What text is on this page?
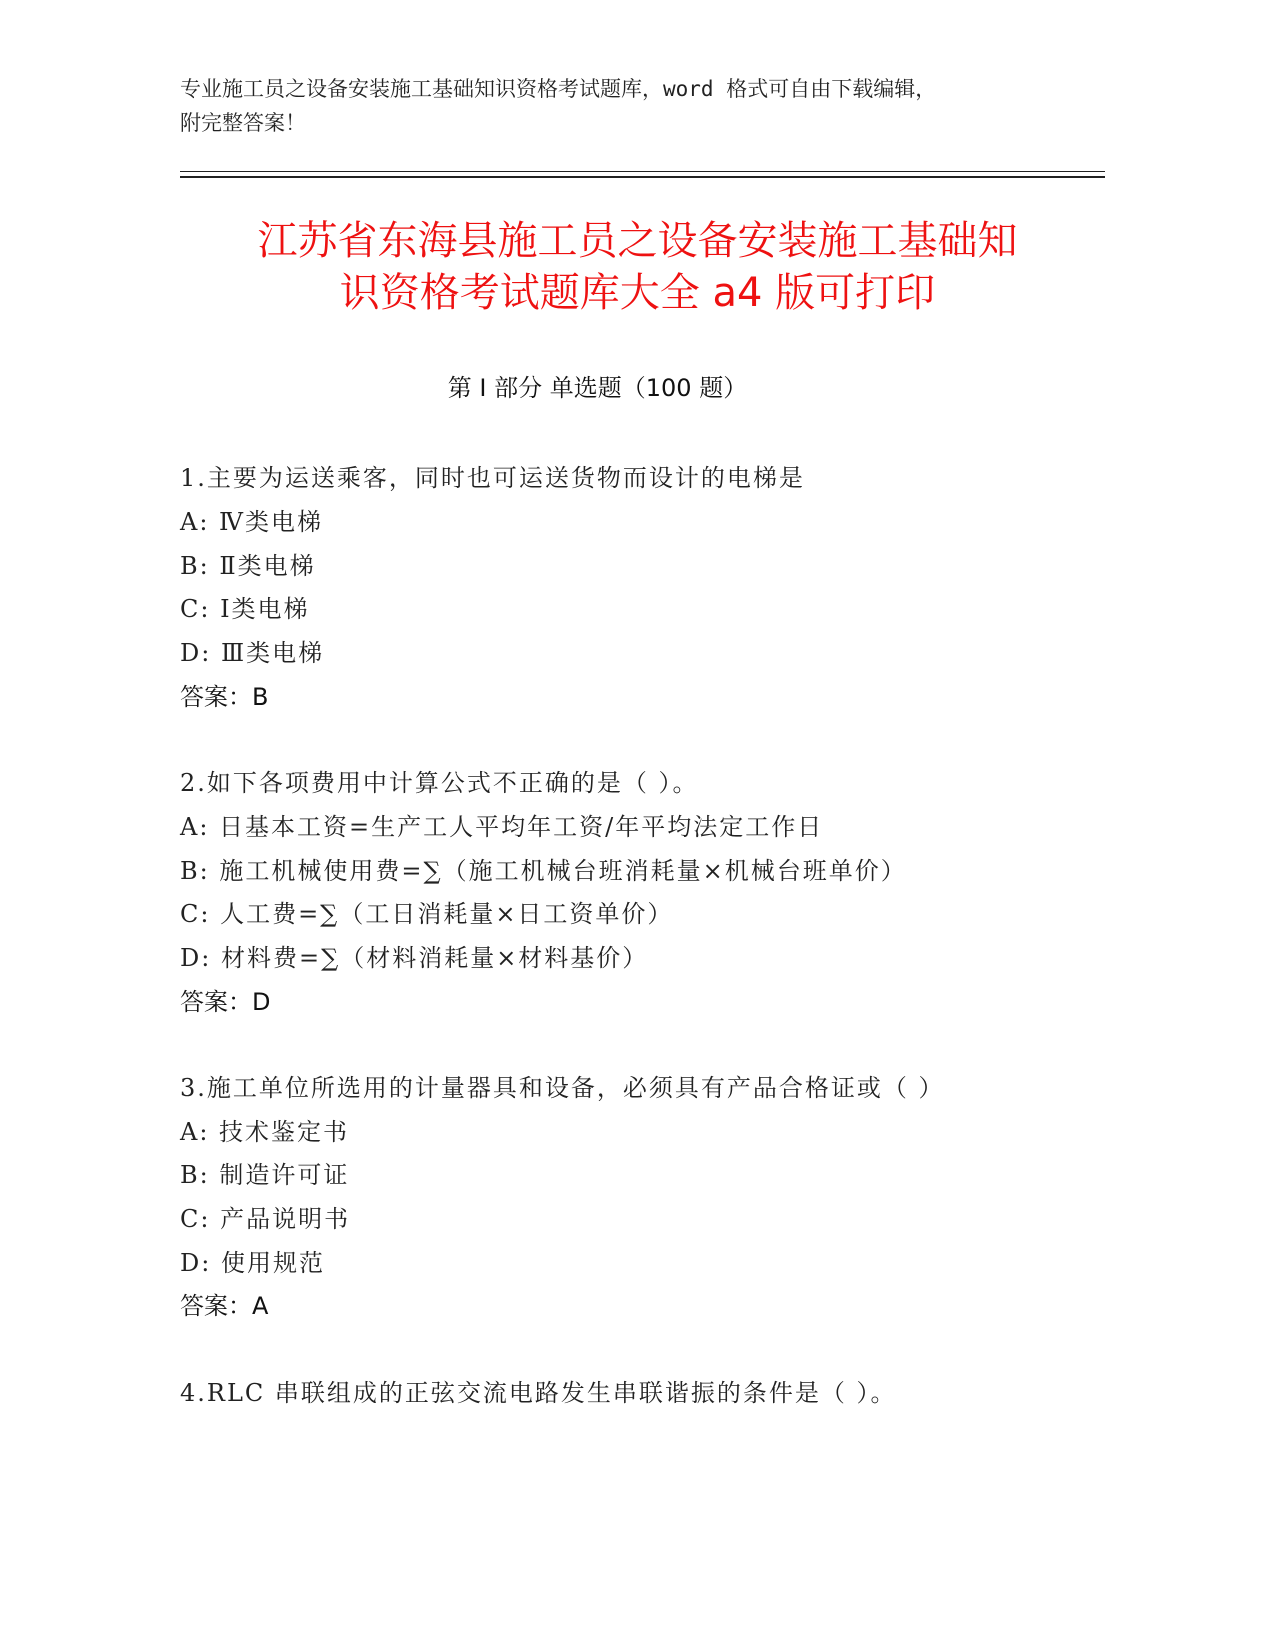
专业施工员之设备安装施工基础知识资格考试题库，word 格式可自由下载编辑，
附完整答案！
江苏省东海县施工员之设备安装施工基础知
识资格考试题库大全 a4 版可打印
第 I 部分 单选题（100 题）
1.主要为运送乘客，同时也可运送货物而设计的电梯是
A: Ⅳ类电梯
B: Ⅱ类电梯
C: Ⅰ类电梯
D: Ⅲ类电梯
答案：B
2.如下各项费用中计算公式不正确的是（ ）。
A: 日基本工资=生产工人平均年工资/年平均法定工作日
B: 施工机械使用费=∑（施工机械台班消耗量×机械台班单价）
C: 人工费=∑（工日消耗量×日工资单价）
D: 材料费=∑（材料消耗量×材料基价）
答案：D
3.施工单位所选用的计量器具和设备，必须具有产品合格证或（ ）
A: 技术鉴定书
B: 制造许可证
C: 产品说明书
D: 使用规范
答案：A
4.RLC 串联组成的正弦交流电路发生串联谐振的条件是（ ）。
